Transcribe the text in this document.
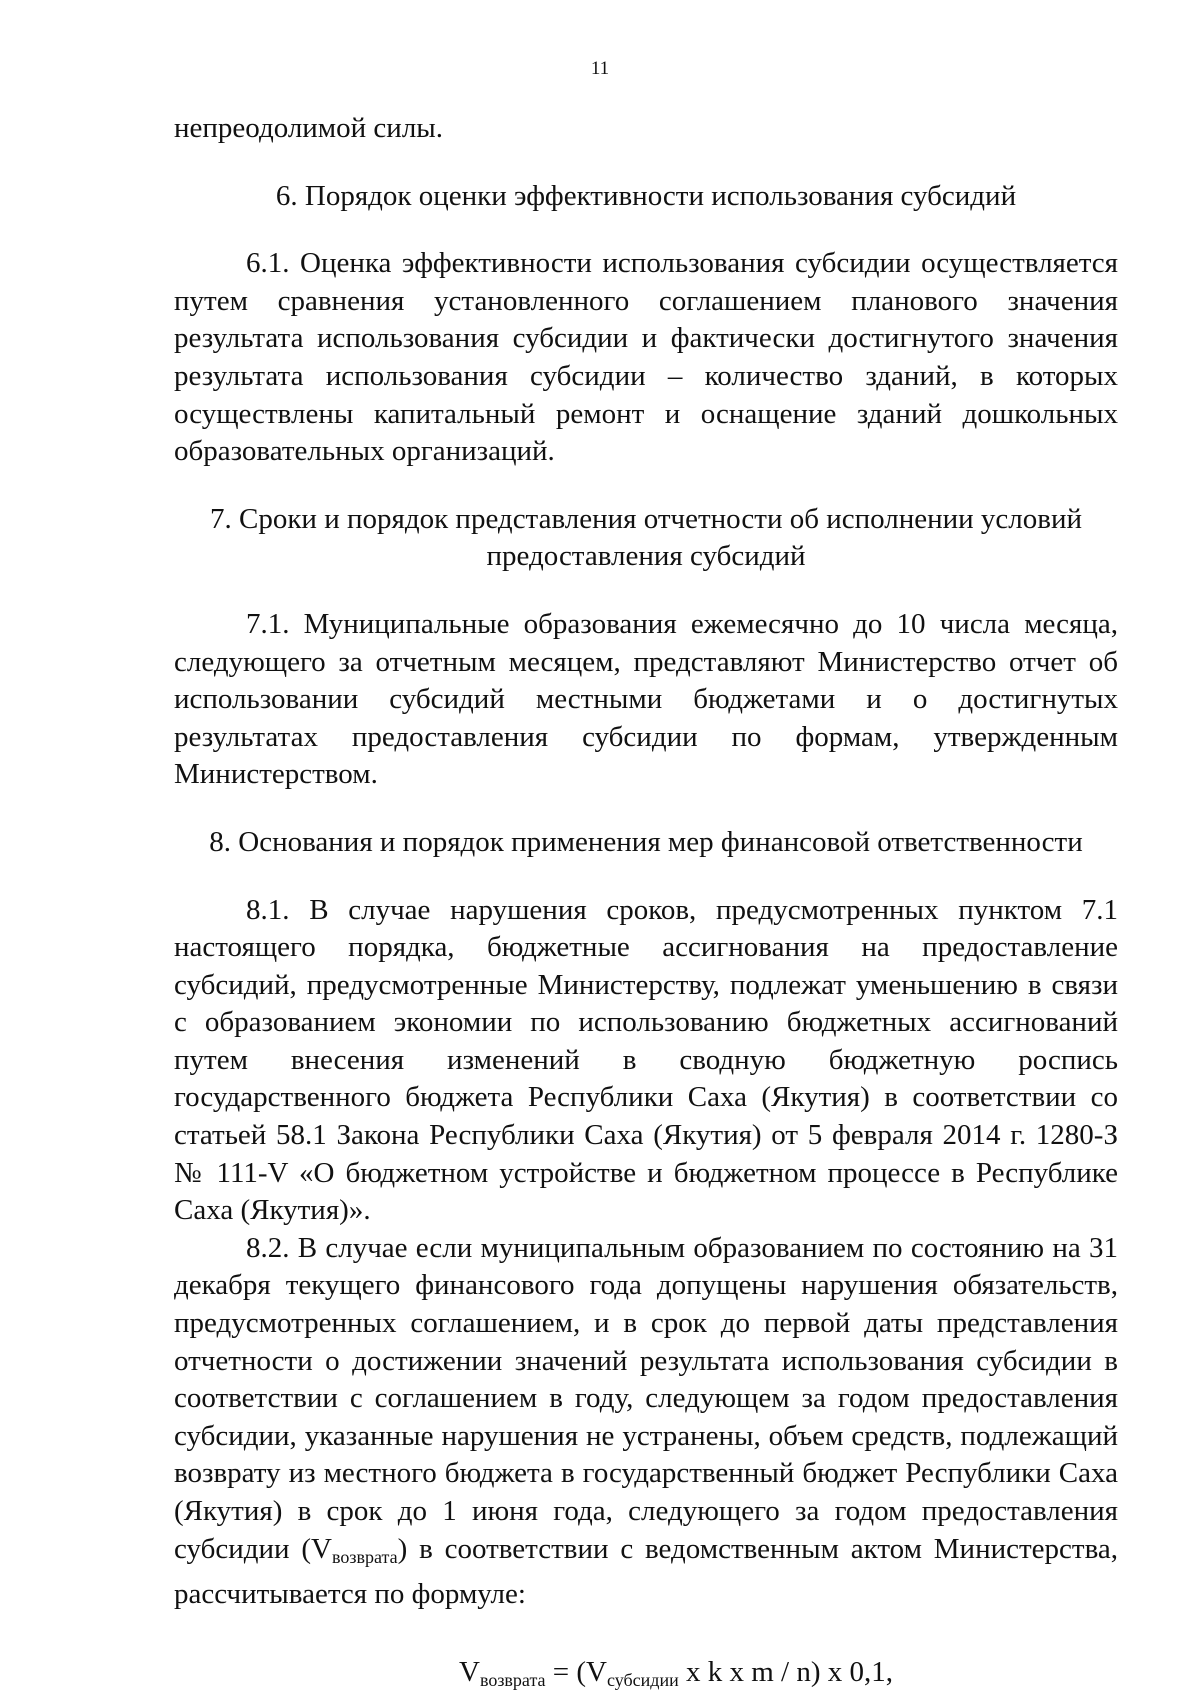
11

непреодолимой силы.

6. Порядок оценки эффективности использования субсидий

6.1. Оценка эффективности использования субсидии осуществляется путем сравнения установленного соглашением планового значения результата использования субсидии и фактически достигнутого значения результата использования субсидии – количество зданий, в которых осуществлены капитальный ремонт и оснащение зданий дошкольных образовательных организаций.

7. Сроки и порядок представления отчетности об исполнении условий

предоставления субсидий

7.1. Муниципальные образования ежемесячно до 10 числа месяца, следующего за отчетным месяцем, представляют Министерство отчет об использовании субсидий местными бюджетами и о достигнутых результатах предоставления субсидии по формам, утвержденным Министерством.

8. Основания и порядок применения мер финансовой ответственности

8.1. В случае нарушения сроков, предусмотренных пунктом 7.1 настоящего порядка, бюджетные ассигнования на предоставление субсидий, предусмотренные Министерству, подлежат уменьшению в связи с образованием экономии по использованию бюджетных ассигнований путем внесения изменений в сводную бюджетную роспись государственного бюджета Республики Саха (Якутия) в соответствии со статьей 58.1 Закона Республики Саха (Якутия) от 5 февраля 2014 г. 1280-З № 111-V «О бюджетном устройстве и бюджетном процессе в Республике Саха (Якутия)».

8.2. В случае если муниципальным образованием по состоянию на 31 декабря текущего финансового года допущены нарушения обязательств, предусмотренных соглашением, и в срок до первой даты представления отчетности о достижении значений результата использования субсидии в соответствии с соглашением в году, следующем за годом предоставления субсидии, указанные нарушения не устранены, объем средств, подлежащий возврату из местного бюджета в государственный бюджет Республики Саха (Якутия) в срок до 1 июня года, следующего за годом предоставления субсидии $(V_{возврата})$ в соответствии с ведомственным актом Министерства, рассчитывается по формуле:

$V_{возврата} = (V_{субсидии}$ x k x m / n) x 0,1,
